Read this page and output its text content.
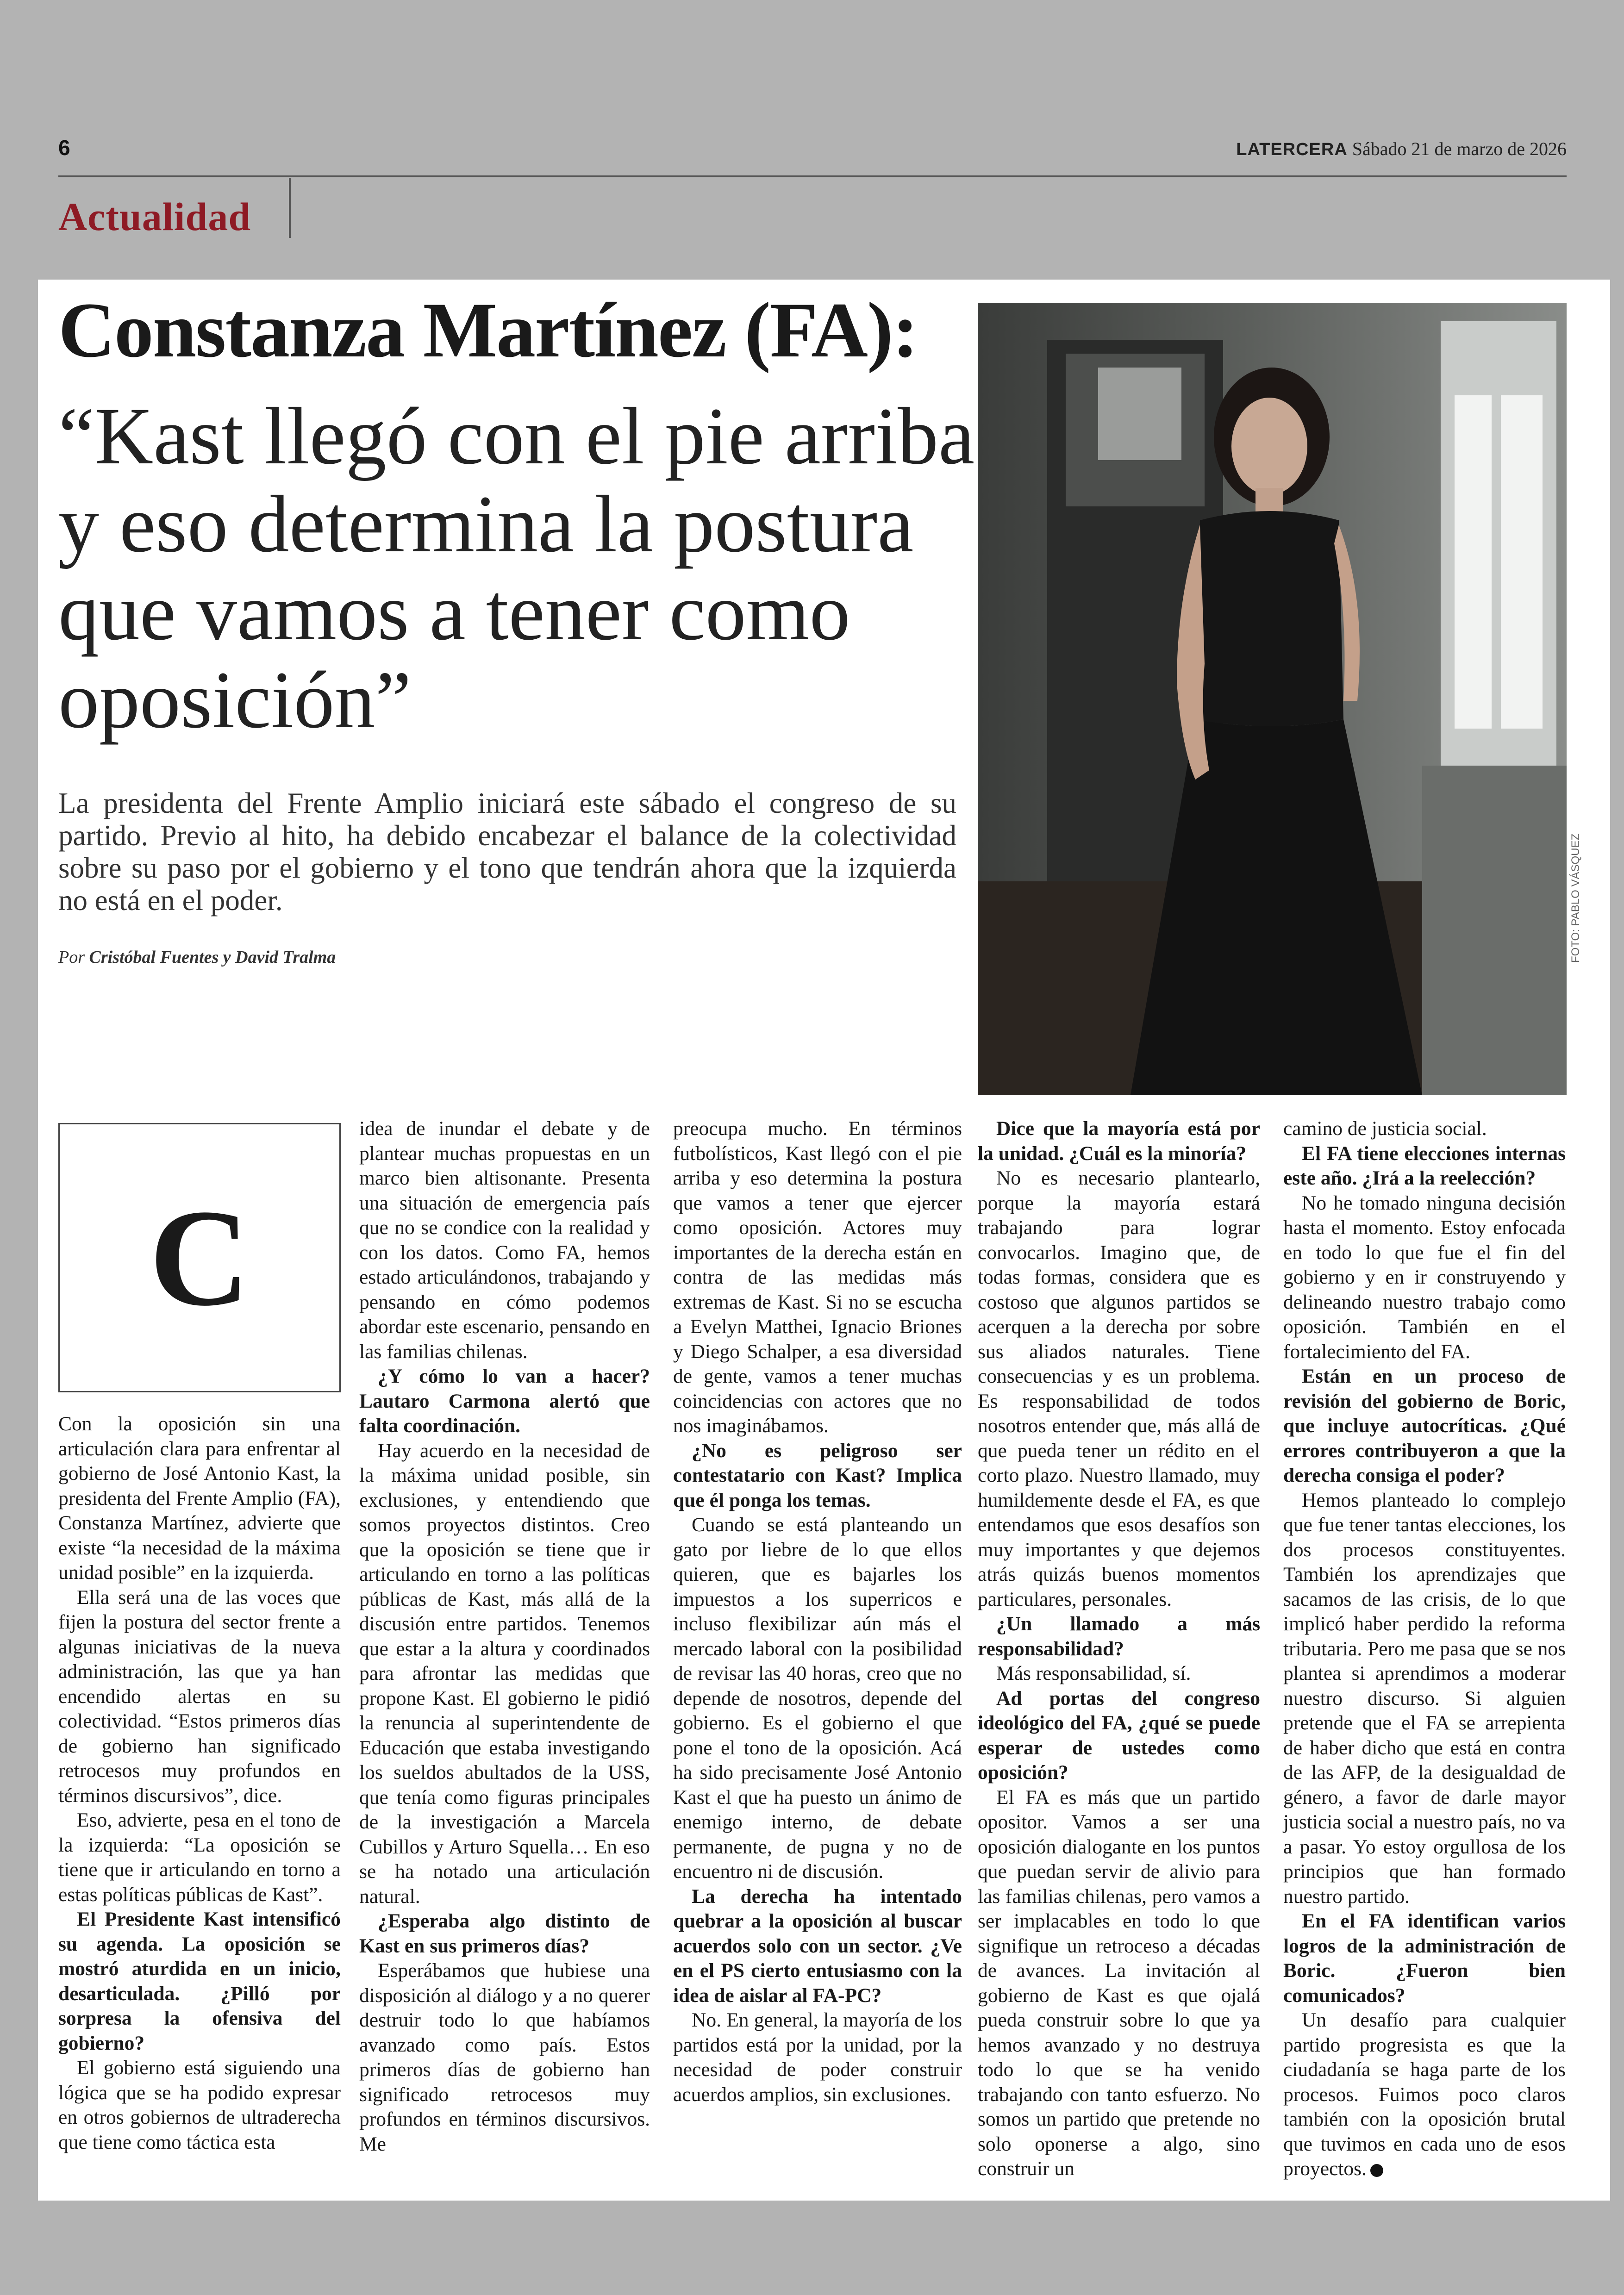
6	LATERCERA Sábado 21 de marzo de 2026
Actualidad
Constanza Martínez (FA):
“Kast llegó con el pie arriba y eso determina la postura que vamos a tener como oposición”
La presidenta del Frente Amplio iniciará este sábado el congreso de su partido. Previo al hito, ha debido encabezar el balance de la colectividad sobre su paso por el gobierno y el tono que tendrán ahora que la izquierda no está en el poder.
Por Cristóbal Fuentes y David Tralma	FOTO: PABLO VÁSQUEZ
C

Con la oposición sin una articulación clara para enfrentar al gobierno de José Antonio Kast, la presidenta del Frente Amplio (FA), Constanza Martínez, advierte que existe “la necesidad de la máxima unidad posible” en la izquierda.

Ella será una de las voces que fijen la postura del sector frente a algunas iniciativas de la nueva administración, las que ya han encendido alertas en su colectividad. “Estos primeros días de gobierno han significado retrocesos muy profundos en términos discursivos”, dice.

Eso, advierte, pesa en el tono de la izquierda: “La oposición se tiene que ir articulando en torno a estas políticas públicas de Kast”.

El Presidente Kast intensificó su agenda. La oposición se mostró aturdida en un inicio, desarticulada. ¿Pilló por sorpresa la ofensiva del gobierno?

El gobierno está siguiendo una lógica que se ha podido expresar en otros gobiernos de ultraderecha que tiene como táctica esta

idea de inundar el debate y de plantear muchas propuestas en un marco bien altisonante. Presenta una situación de emergencia país que no se condice con la realidad y con los datos. Como FA, hemos estado articulándonos, trabajando y pensando en cómo podemos abordar este escenario, pensando en las familias chilenas.

¿Y cómo lo van a hacer? Lautaro Carmona alertó que falta coordinación.

Hay acuerdo en la necesidad de la máxima unidad posible, sin exclusiones, y entendiendo que somos proyectos distintos. Creo que la oposición se tiene que ir articulando en torno a las políticas públicas de Kast, más allá de la discusión entre partidos. Tenemos que estar a la altura y coordinados para afrontar las medidas que propone Kast. El gobierno le pidió la renuncia al superintendente de Educación que estaba investigando los sueldos abultados de la USS, que tenía como figuras principales de la investigación a Marcela Cubillos y Arturo Squella… En eso se ha notado una articulación natural.

¿Esperaba algo distinto de Kast en sus primeros días?

Esperábamos que hubiese una disposición al diálogo y a no querer destruir todo lo que habíamos avanzado como país. Estos primeros días de gobierno han significado retrocesos muy profundos en términos discursivos. Me

preocupa mucho. En términos futbolísticos, Kast llegó con el pie arriba y eso determina la postura que vamos a tener que ejercer como oposición. Actores muy importantes de la derecha están en contra de las medidas más extremas de Kast. Si no se escucha a Evelyn Matthei, Ignacio Briones y Diego Schalper, a esa diversidad de gente, vamos a tener muchas coincidencias con actores que no nos imaginábamos.

¿No es peligroso ser contestatario con Kast? Implica que él ponga los temas.

Cuando se está planteando un gato por liebre de lo que ellos quieren, que es bajarles los impuestos a los superricos e incluso flexibilizar aún más el mercado laboral con la posibilidad de revisar las 40 horas, creo que no depende de nosotros, depende del gobierno. Es el gobierno el que pone el tono de la oposición. Acá ha sido precisamente José Antonio Kast el que ha puesto un ánimo de enemigo interno, de debate permanente, de pugna y no de encuentro ni de discusión.

La derecha ha intentado quebrar a la oposición al buscar acuerdos solo con un sector. ¿Ve en el PS cierto entusiasmo con la idea de aislar al FA-PC?

No. En general, la mayoría de los partidos está por la unidad, por la necesidad de poder construir acuerdos amplios, sin exclusiones.

Dice que la mayoría está por la unidad. ¿Cuál es la minoría?

No es necesario plantearlo, porque la mayoría estará trabajando para lograr convocarlos. Imagino que, de todas formas, considera que es costoso que algunos partidos se acerquen a la derecha por sobre sus aliados naturales. Tiene consecuencias y es un problema. Es responsabilidad de todos nosotros entender que, más allá de que pueda tener un rédito en el corto plazo. Nuestro llamado, muy humildemente desde el FA, es que entendamos que esos desafíos son muy importantes y que dejemos atrás quizás buenos momentos particulares, personales.

¿Un llamado a más responsabilidad?

Más responsabilidad, sí.

Ad portas del congreso ideológico del FA, ¿qué se puede esperar de ustedes como oposición?

El FA es más que un partido opositor. Vamos a ser una oposición dialogante en los puntos que puedan servir de alivio para las familias chilenas, pero vamos a ser implacables en todo lo que signifique un retroceso a décadas de avances. La invitación al gobierno de Kast es que ojalá pueda construir sobre lo que ya hemos avanzado y no destruya todo lo que se ha venido trabajando con tanto esfuerzo. No somos un partido que pretende no solo oponerse a algo, sino construir un

camino de justicia social.

El FA tiene elecciones internas este año. ¿Irá a la reelección?

No he tomado ninguna decisión hasta el momento. Estoy enfocada en todo lo que fue el fin del gobierno y en ir construyendo y delineando nuestro trabajo como oposición. También en el fortalecimiento del FA.

Están en un proceso de revisión del gobierno de Boric, que incluye autocríticas. ¿Qué errores contribuyeron a que la derecha consiga el poder?

Hemos planteado lo complejo que fue tener tantas elecciones, los dos procesos constituyentes. También los aprendizajes que sacamos de las crisis, de lo que implicó haber perdido la reforma tributaria. Pero me pasa que se nos plantea si aprendimos a moderar nuestro discurso. Si alguien pretende que el FA se arrepienta de haber dicho que está en contra de las AFP, de la desigualdad de género, a favor de darle mayor justicia social a nuestro país, no va a pasar. Yo estoy orgullosa de los principios que han formado nuestro partido.

En el FA identifican varios logros de la administración de Boric. ¿Fueron bien comunicados?

Un desafío para cualquier partido progresista es que la ciudadanía se haga parte de los procesos. Fuimos poco claros también con la oposición brutal que tuvimos en cada uno de esos proyectos.
